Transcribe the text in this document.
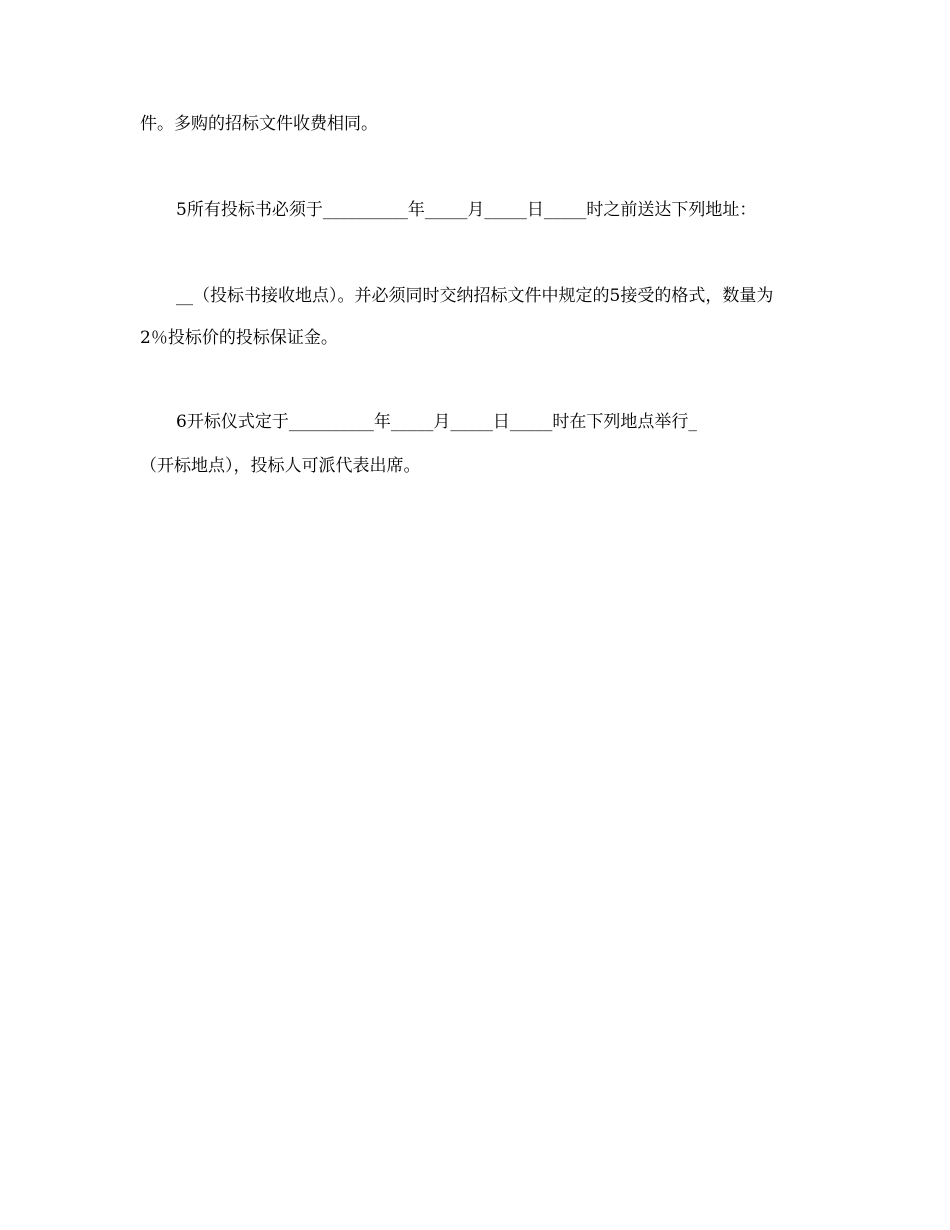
件。多购的招标文件收费相同。
5所有投标书必须于__________年_____月_____日_____时之前送达下列地址：
__（投标书接收地点）。并必须同时交纳招标文件中规定的5接受的格式，数量为
2％投标价的投标保证金。
6开标仪式定于__________年_____月_____日_____时在下列地点举行_
（开标地点），投标人可派代表出席。
